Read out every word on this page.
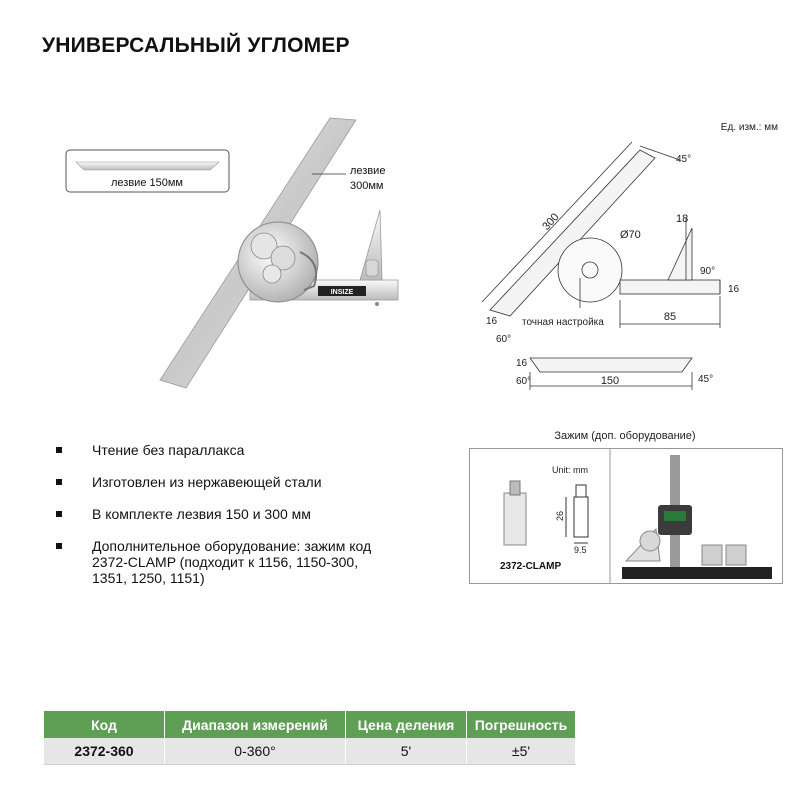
УНИВЕРСАЛЬНЫЙ УГЛОМЕР
лезвие 150мм
INSIZE
лезвие
300мм
Ед. изм.: мм
300
45°
Ø70
18
90°
16
16
60°
85
точная настройка
16
60°	150	45°
Зажим (доп. оборудование)
Unit: mm
26
9.5
2372-CLAMP
Чтение без параллакса
Изготовлен из нержавеющей стали
В комплекте лезвия 150 и 300 мм
Дополнительное оборудование: зажим код 2372-CLAMP (подходит к 1156, 1150-300, 1351, 1250, 1151)
Код	Диапазон измерений	Цена деления	Погрешность
2372-360	0-360°	5'	±5'
